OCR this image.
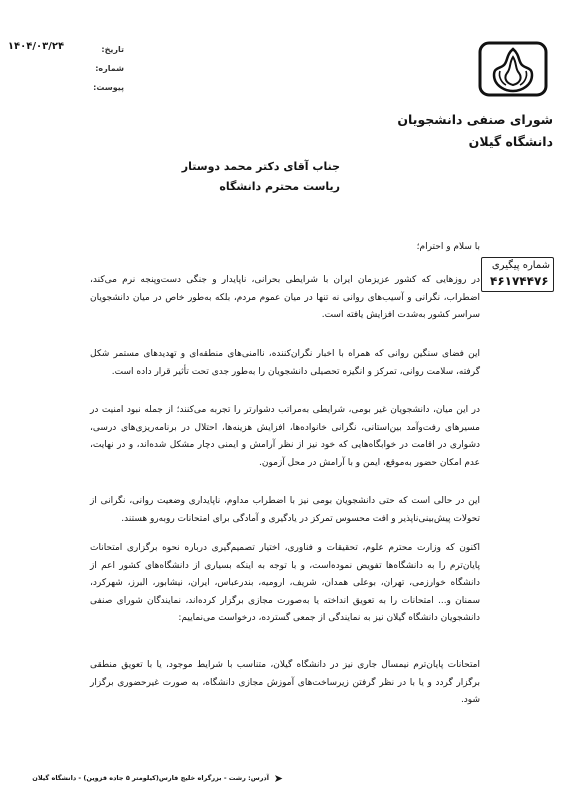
شورای صنفی دانشجویان
دانشگاه گیلان
تاریخ:
۱۴۰۴/۰۳/۲۴
شماره:
پیوست:
جناب آقای دکتر محمد دوستار
ریاست محترم دانشگاه
با سلام و احترام؛
شماره پیگیری
۴۶۱۷۴۴۷۶
در روزهایی که کشور عزیزمان ایران با شرایطی بحرانی، ناپایدار و جنگی دست‌وپنجه نرم می‌کند، اضطراب، نگرانی و آسیب‌های روانی نه تنها در میان عموم مردم، بلکه به‌طور خاص در میان دانشجویان سراسر کشور به‌شدت افزایش یافته است.
این فضای سنگین روانی که همراه با اخبار نگران‌کننده، ناامنی‌های منطقه‌ای و تهدیدهای مستمر شکل گرفته، سلامت روانی، تمرکز و انگیزه تحصیلی دانشجویان را به‌طور جدی تحت تأثیر قرار داده است.
در این میان، دانشجویان غیر بومی، شرایطی به‌مراتب دشوارتر را تجربه می‌کنند؛ از جمله نبود امنیت در مسیرهای رفت‌وآمد بین‌استانی، نگرانی خانواده‌ها، افزایش هزینه‌ها، احتلال در برنامه‌ریزی‌های درسی، دشواری در اقامت در خوابگاه‌هایی که خود نیز از نظر آرامش و ایمنی دچار مشکل شده‌اند، و در نهایت، عدم امکان حضور به‌موقع، ایمن و با آرامش در محل آزمون.
این در حالی است که حتی دانشجویان بومی نیز با اضطراب مداوم، ناپایداری وضعیت روانی، نگرانی از تحولات پیش‌بینی‌ناپذیر و افت محسوس تمرکز در یادگیری و آمادگی برای امتحانات روبه‌رو هستند.
اکنون که وزارت محترم علوم، تحقیقات و فناوری، اختیار تصمیم‌گیری درباره نحوه برگزاری امتحانات پایان‌ترم را به دانشگاه‌ها تفویض نموده‌است، و با توجه به اینکه بسیاری از دانشگاه‌های کشور اعم از دانشگاه خوارزمی، تهران، بوعلی همدان، شریف، ارومیه، بندرعباس، ایران، نیشابور، البرز، شهرکرد، سمنان و... امتحانات را به تعویق انداخته یا به‌صورت مجازی برگزار کرده‌اند، نمایندگان شورای صنفی دانشجویان دانشگاه گیلان نیز به نمایندگی از جمعی گسترده، درخواست می‌نماییم:
امتحانات پایان‌ترم نیمسال جاری نیز در دانشگاه گیلان، متناسب با شرایط موجود، یا با تعویق منطقی برگزار گردد و یا با در نظر گرفتن زیرساخت‌های آموزش مجازی دانشگاه، به صورت غیرحضوری برگزار شود.
➤
آدرس: رشت - بزرگراه خلیج فارس(کیلومتر ۵ جاده قزوین) - دانشگاه گیلان
